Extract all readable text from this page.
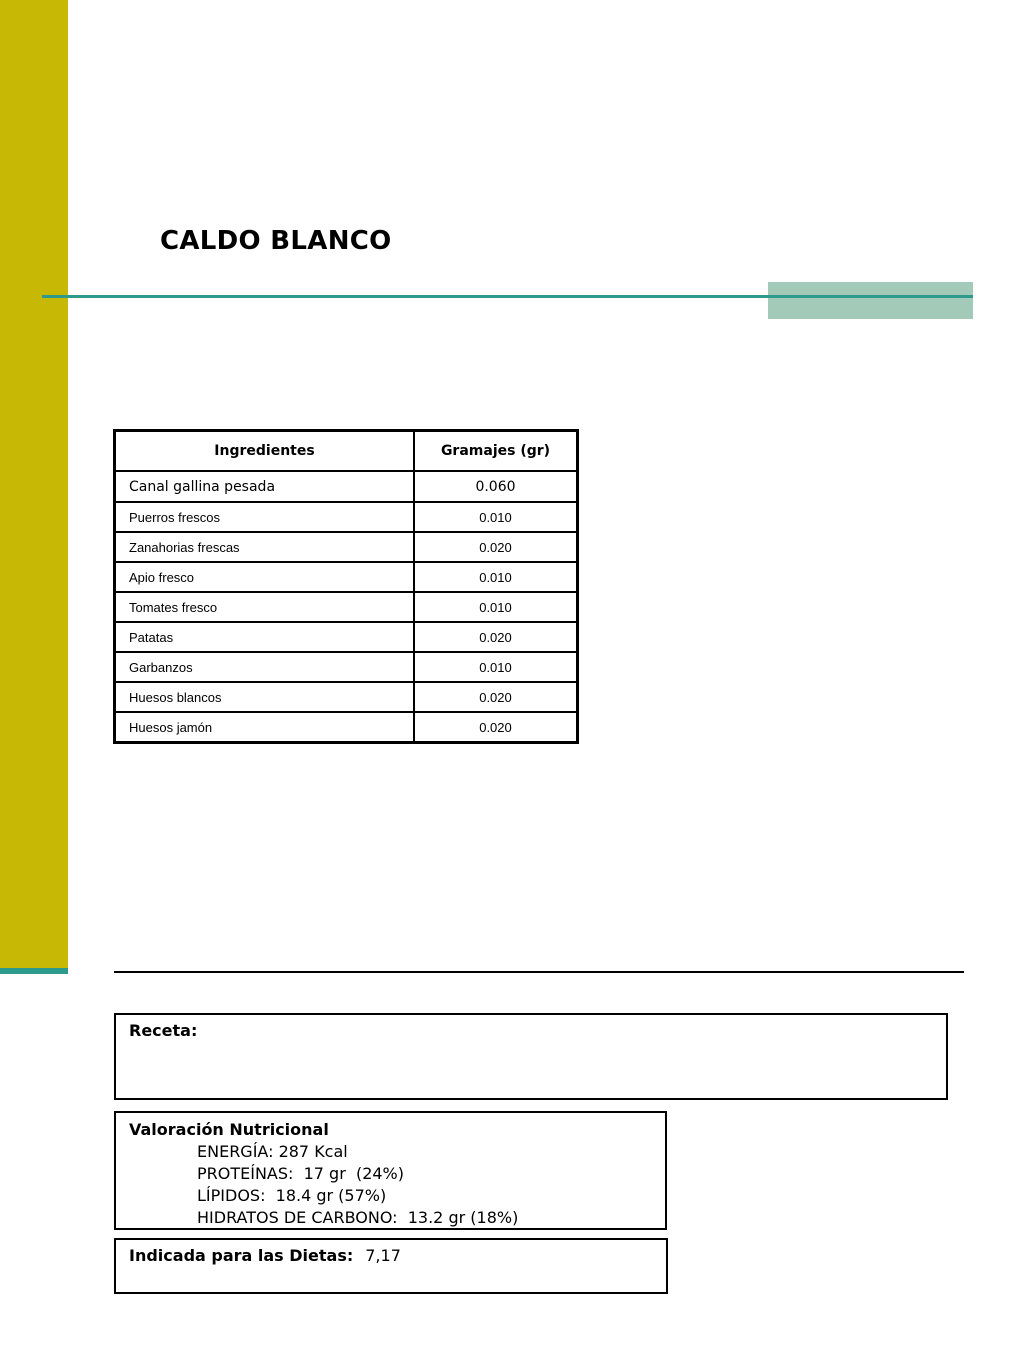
CALDO BLANCO
Ingredientes	Gramajes (gr)
Canal gallina pesada	0.060
Puerros frescos	0.010
Zanahorias frescas	0.020
Apio fresco	0.010
Tomates fresco	0.010
Patatas	0.020
Garbanzos	0.010
Huesos blancos	0.020
Huesos jamón	0.020
Receta:
Valoración Nutricional
ENERGÍA: 287 Kcal
PROTEÍNAS:  17 gr  (24%)
LÍPIDOS:  18.4 gr (57%)
HIDRATOS DE CARBONO:  13.2 gr (18%)
Indicada para las Dietas: 7,17
